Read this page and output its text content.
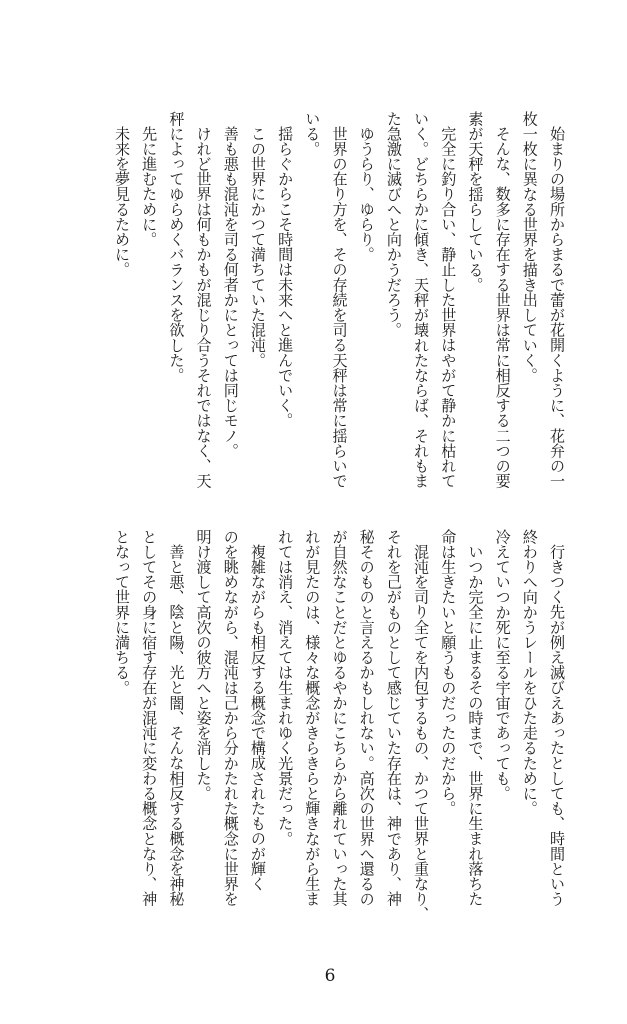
始まりの場所からまるで蕾が花開くように、花弁の一
枚一枚に異なる世界を描き出していく。
そんな、数多に存在する世界は常に相反する二つの要
素が天秤を揺らしている。
完全に釣り合い、静止した世界はやがて静かに枯れて
いく。どちらかに傾き、天秤が壊れたならば、それもま
た急激に滅びへと向かうだろう。
ゆうらり、ゆらり。
世界の在り方を、その存続を司る天秤は常に揺らいで
いる。
揺らぐからこそ時間は未来へと進んでいく。
この世界にかつて満ちていた混沌。
善も悪も混沌を司る何者かにとっては同じモノ。
けれど世界は何もかもが混じり合うそれではなく、天
秤によってゆらめくバランスを欲した。
先に進むために。
未来を夢見るために。
行きつく先が例え滅びえあったとしても、時間という
終わりへ向かうレールをひた走るために。
冷えていつか死に至る宇宙であっても。
いつか完全に止まるその時まで、世界に生まれ落ちた
命は生きたいと願うものだったのだから。
混沌を司り全てを内包するもの、かつて世界と重なり、
それを己がものとして感じていた存在は、神であり、神
秘そのものと言えるかもしれない。高次の世界へ還るの
が自然なことだとゆるやかにこちらから離れていった其
れが見たのは、様々な概念がきらきらと輝きながら生ま
れては消え、消えては生まれゆく光景だった。
複雑ながらも相反する概念で構成されたものが輝く
のを眺めながら、混沌は己から分かたれた概念に世界を
明け渡して高次の彼方へと姿を消した。
善と悪、陰と陽、光と闇、そんな相反する概念を神秘
としてその身に宿す存在が混沌に変わる概念となり、神
となって世界に満ちる。
6
